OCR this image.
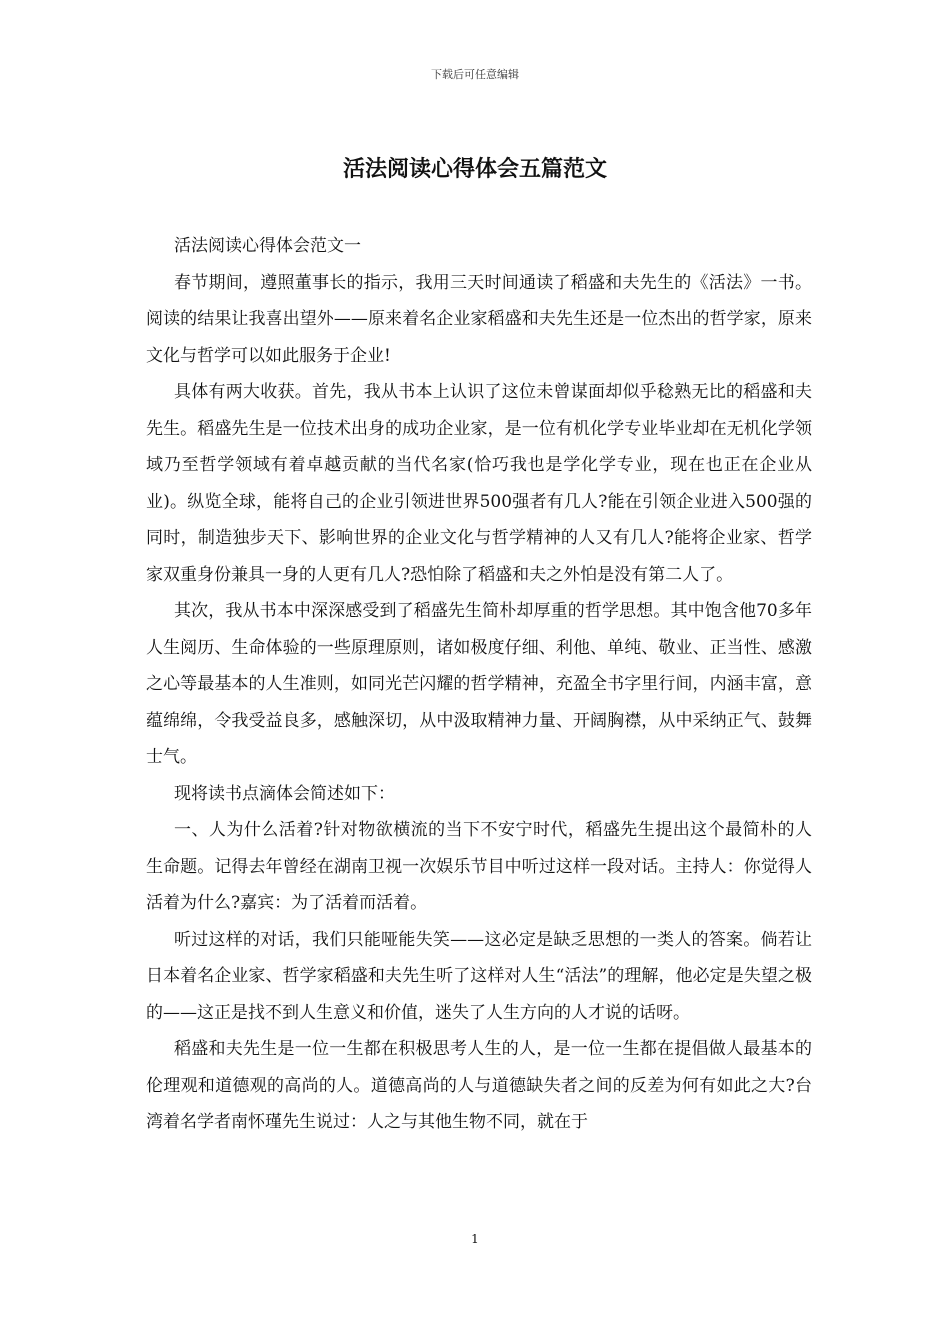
下载后可任意编辑
活法阅读心得体会五篇范文

活法阅读心得体会范文一

春节期间，遵照董事长的指示，我用三天时间通读了稻盛和夫先生的《活法》一书。阅读的结果让我喜出望外——原来着名企业家稻盛和夫先生还是一位杰出的哲学家，原来文化与哲学可以如此服务于企业!

具体有两大收获。首先，我从书本上认识了这位未曾谋面却似乎稔熟无比的稻盛和夫先生。稻盛先生是一位技术出身的成功企业家，是一位有机化学专业毕业却在无机化学领域乃至哲学领域有着卓越贡献的当代名家(恰巧我也是学化学专业，现在也正在企业从业)。纵览全球，能将自己的企业引领进世界500强者有几人?能在引领企业进入500强的同时，制造独步天下、影响世界的企业文化与哲学精神的人又有几人?能将企业家、哲学家双重身份兼具一身的人更有几人?恐怕除了稻盛和夫之外怕是没有第二人了。

其次，我从书本中深深感受到了稻盛先生简朴却厚重的哲学思想。其中饱含他70多年人生阅历、生命体验的一些原理原则，诸如极度仔细、利他、单纯、敬业、正当性、感激之心等最基本的人生准则，如同光芒闪耀的哲学精神，充盈全书字里行间，内涵丰富，意蕴绵绵，令我受益良多，感触深切，从中汲取精神力量、开阔胸襟，从中采纳正气、鼓舞士气。

现将读书点滴体会简述如下：

一、人为什么活着?针对物欲横流的当下不安宁时代，稻盛先生提出这个最简朴的人生命题。记得去年曾经在湖南卫视一次娱乐节目中听过这样一段对话。主持人：你觉得人活着为什么?嘉宾：为了活着而活着。

听过这样的对话，我们只能哑能失笑——这必定是缺乏思想的一类人的答案。倘若让日本着名企业家、哲学家稻盛和夫先生听了这样对人生“活法”的理解，他必定是失望之极的——这正是找不到人生意义和价值，迷失了人生方向的人才说的话呀。

稻盛和夫先生是一位一生都在积极思考人生的人，是一位一生都在提倡做人最基本的伦理观和道德观的高尚的人。道德高尚的人与道德缺失者之间的反差为何有如此之大?台湾着名学者南怀瑾先生说过：人之与其他生物不同，就在于

1
